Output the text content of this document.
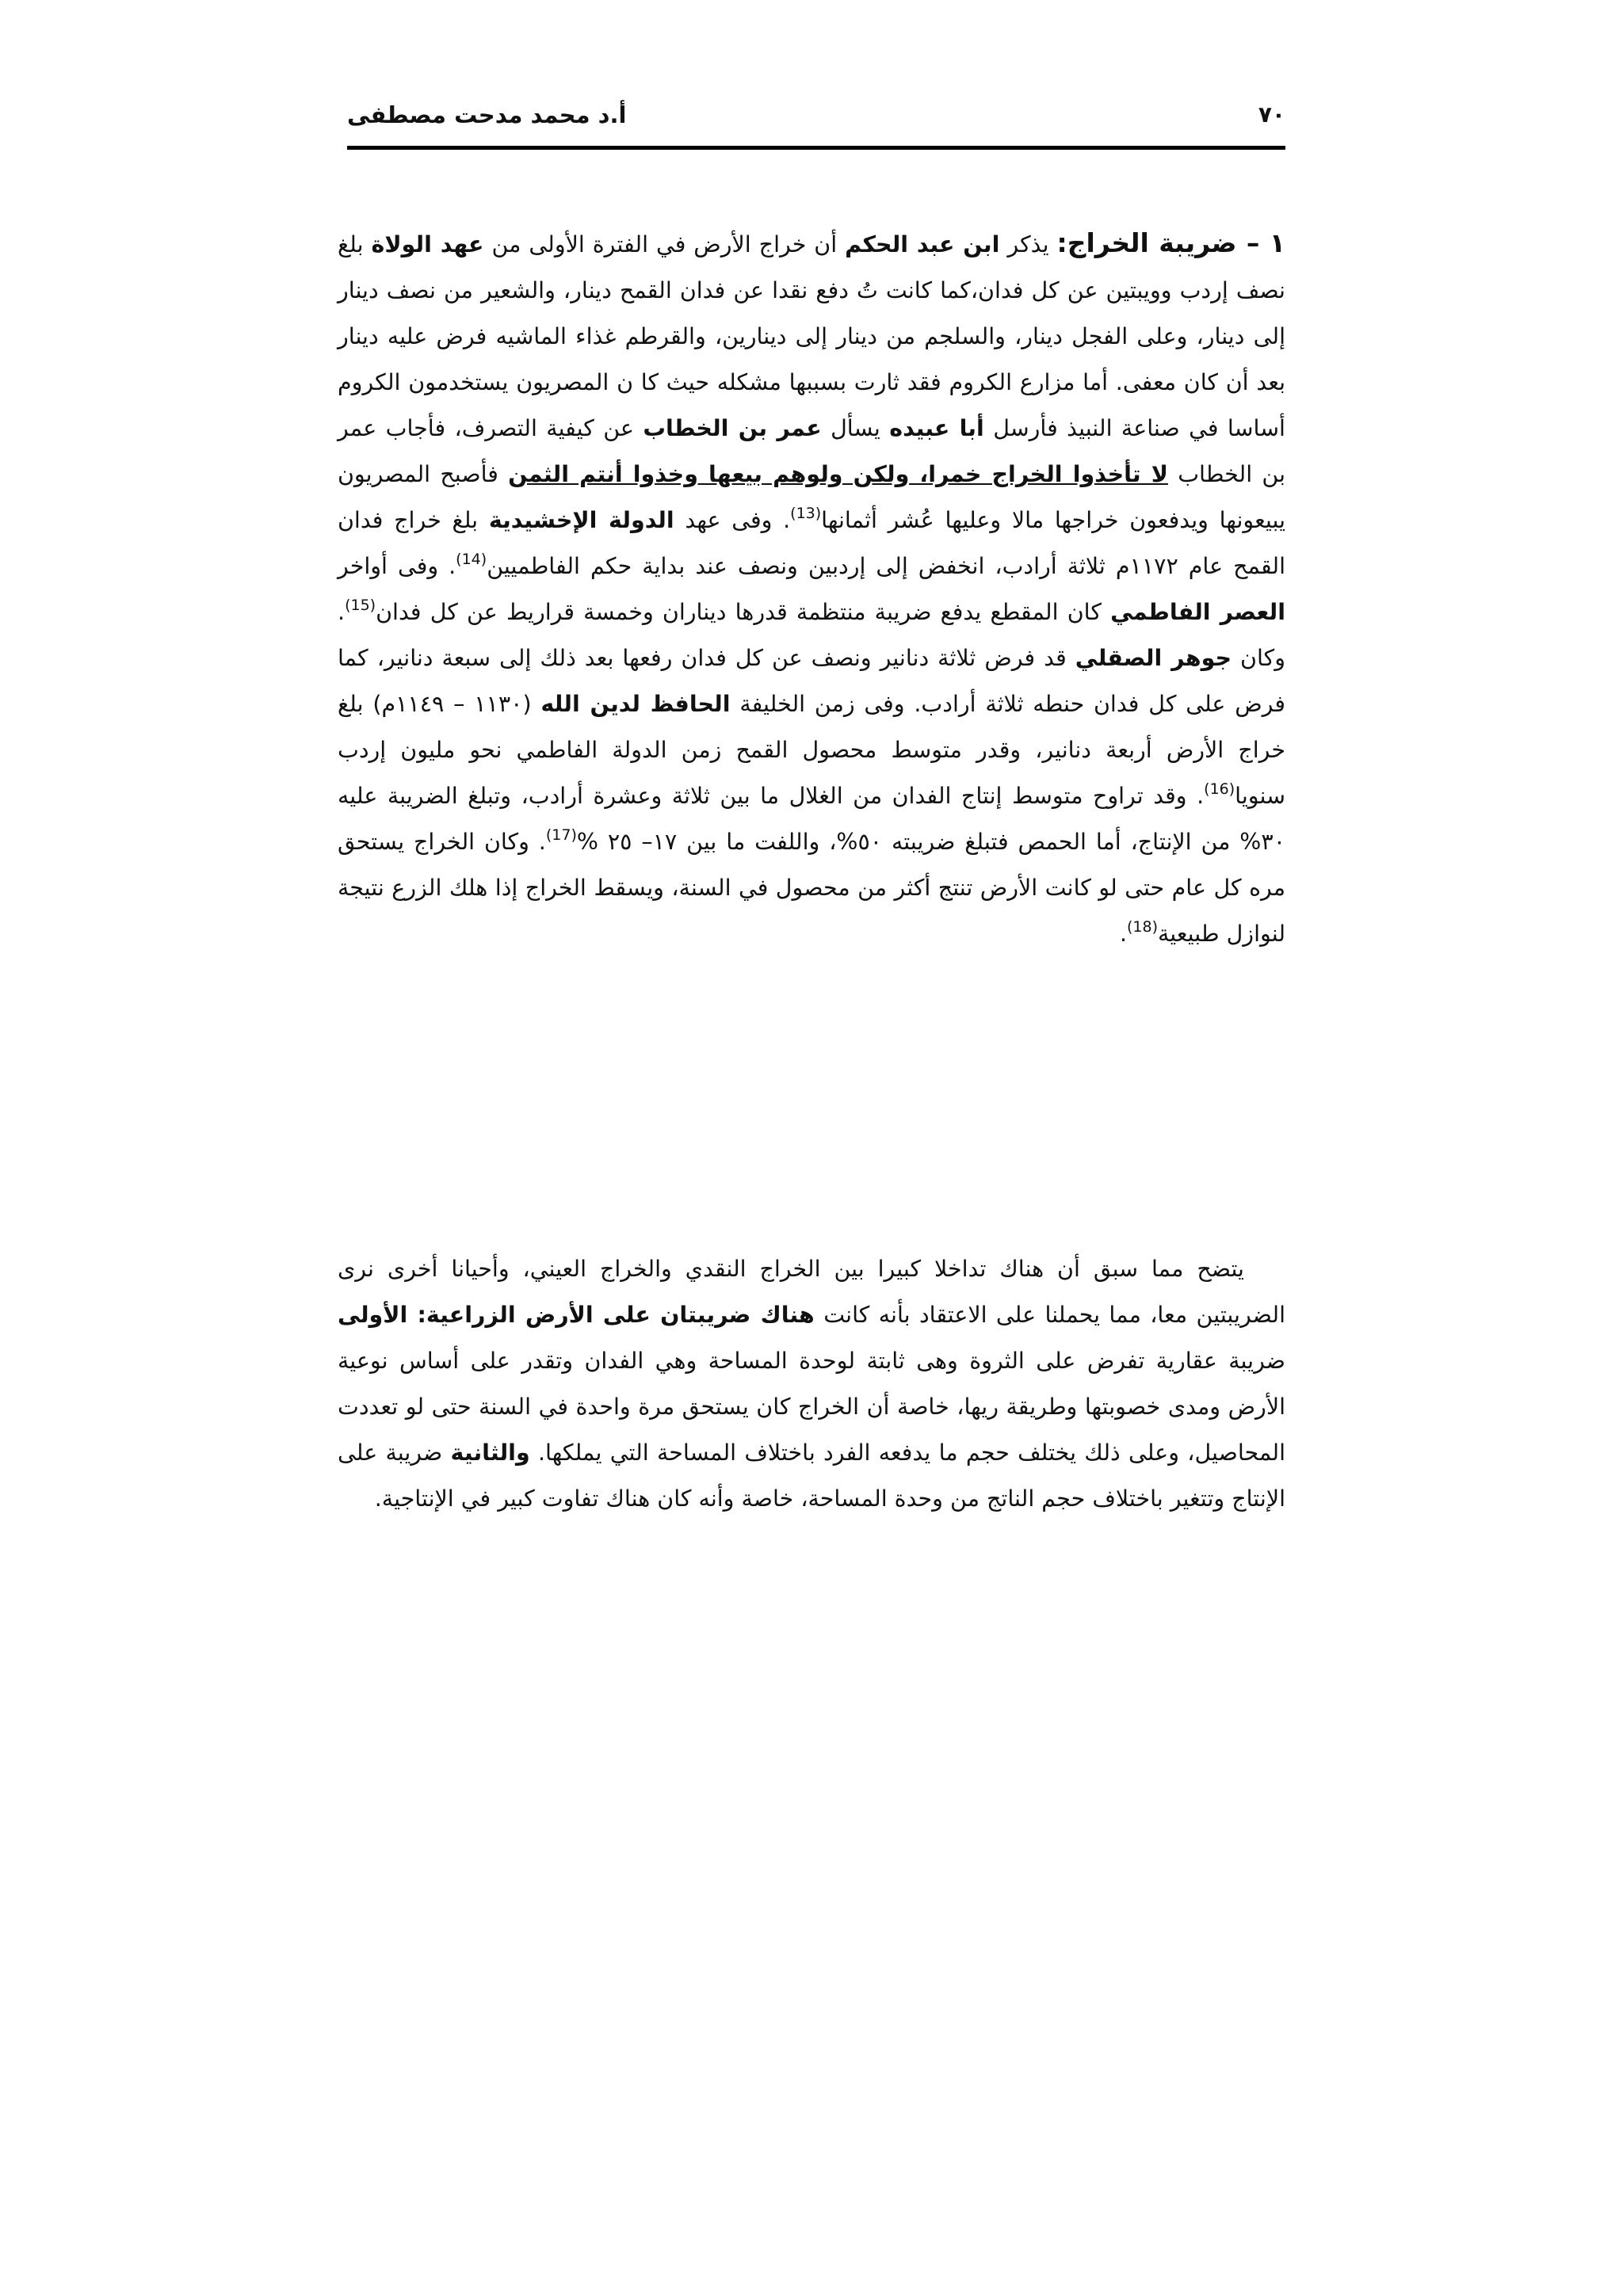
٧٠
أ.د محمد مدحت مصطفى

١ – ضريبة الخراج: يذكر ابن عبد الحكم أن خراج الأرض في الفترة الأولى من عهد الولاة بلغ نصف إردب وويبتين عن كل فدان،كما كانت تُ دفع نقدا عن فدان القمح دينار، والشعير من نصف دينار إلى دينار، وعلى الفجل دينار، والسلجم من دينار إلى دينارين، والقرطم غذاء الماشيه فرض عليه دينار بعد أن كان معفى. أما مزارع الكروم فقد ثارت بسببها مشكله حيث كا ن المصريون يستخدمون الكروم أساسا في صناعة النبيذ فأرسل أبا عبيده يسأل عمر بن الخطاب عن كيفية التصرف، فأجاب عمر بن الخطاب لا تأخذوا الخراج خمرا، ولكن ولوهم بيعها وخذوا أنتم الثمن فأصبح المصريون يبيعونها ويدفعون خراجها مالا وعليها عُشر أثمانها$^{(13)}$. وفى عهد الدولة الإخشيدية بلغ خراج فدان القمح عام ١١٧٢م ثلاثة أرادب، انخفض إلى إردبين ونصف عند بداية حكم الفاطميين$^{(14)}$. وفى أواخر العصر الفاطمي كان المقطع يدفع ضريبة منتظمة قدرها ديناران وخمسة قراريط عن كل فدان$^{(15)}$. وكان جوهر الصقلي قد فرض ثلاثة دنانير ونصف عن كل فدان رفعها بعد ذلك إلى سبعة دنانير، كما فرض على كل فدان حنطه ثلاثة أرادب. وفى زمن الخليفة الحافظ لدين الله (١١٣٠ – ١١٤٩م) بلغ خراج الأرض أربعة دنانير، وقدر متوسط محصول القمح زمن الدولة الفاطمي نحو مليون إردب سنويا$^{(16)}$. وقد تراوح متوسط إنتاج الفدان من الغلال ما بين ثلاثة وعشرة أرادب، وتبلغ الضريبة عليه ٣٠% من الإنتاج، أما الحمص فتبلغ ضريبته ٥٠%، واللفت ما بين ١٧– ٢٥ %$^{(17)}$. وكان الخراج يستحق مره كل عام حتى لو كانت الأرض تنتج أكثر من محصول في السنة، ويسقط الخراج إذا هلك الزرع نتيجة لنوازل طبيعية$^{(18)}$.

يتضح مما سبق أن هناك تداخلا كبيرا بين الخراج النقدي والخراج العيني، وأحيانا أخرى نرى الضريبتين معا، مما يحملنا على الاعتقاد بأنه كانت هناك ضريبتان على الأرض الزراعية: الأولى ضريبة عقارية تفرض على الثروة وهى ثابتة لوحدة المساحة وهي الفدان وتقدر على أساس نوعية الأرض ومدى خصوبتها وطريقة ريها، خاصة أن الخراج كان يستحق مرة واحدة في السنة حتى لو تعددت المحاصيل، وعلى ذلك يختلف حجم ما يدفعه الفرد باختلاف المساحة التي يملكها. والثانية ضريبة على الإنتاج وتتغير باختلاف حجم الناتج من وحدة المساحة، خاصة وأنه كان هناك تفاوت كبير في الإنتاجية.
